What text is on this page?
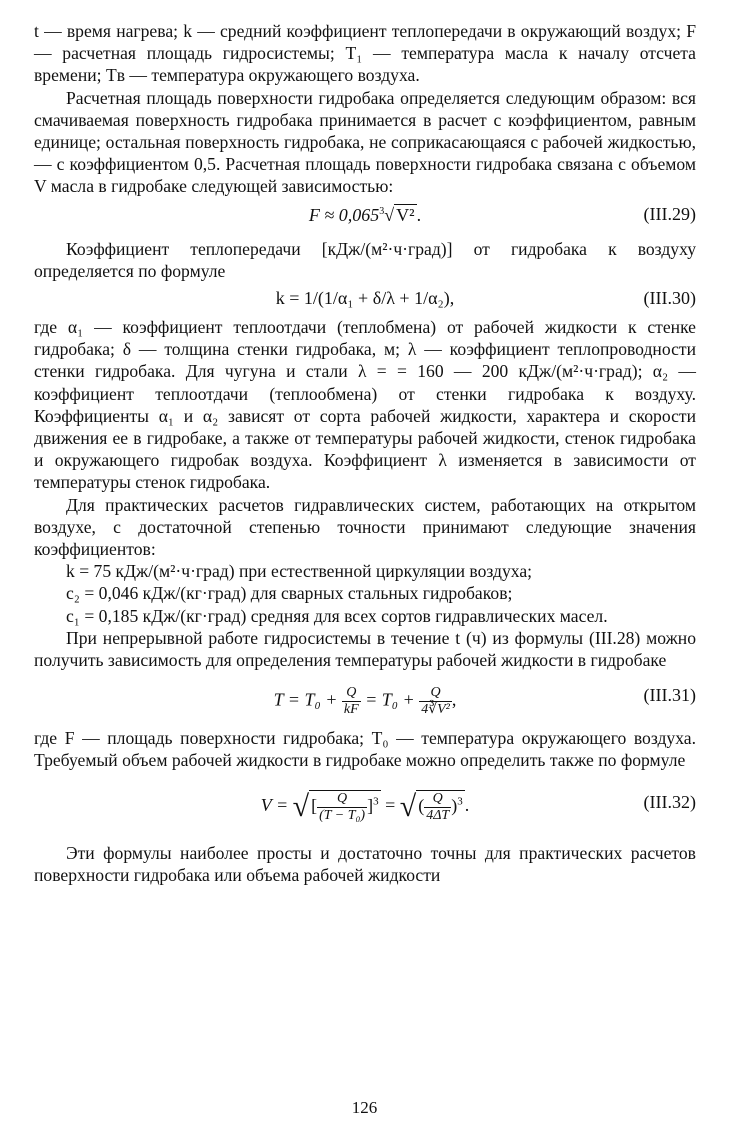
t — время нагрева; k — средний коэффициент теплопередачи в окружающий воздух; F — расчетная площадь гидросистемы; T₁ — температура масла к началу отсчета времени; Tв — температура окружающего воздуха.

Расчетная площадь поверхности гидробака определяется следующим образом: вся смачиваемая поверхность гидробака принимается в расчет с коэффициентом, равным единице; остальная поверхность гидробака, не соприкасающаяся с рабочей жидкостью, — с коэффициентом 0,5. Расчетная площадь поверхности гидробака связана с объемом V масла в гидробаке следующей зависимостью:

$F \approx 0,065^3√$ V² .	(III.29)

Коэффициент теплопередачи [кДж/(м²·ч·град)] от гидробака к воздуху определяется по формуле

k = 1/(1/α₁ + δ/λ + 1/α₂),	(III.30)

где α₁ — коэффициент теплоотдачи (теплобмена) от рабочей жидкости к стенке гидробака; δ — толщина стенки гидробака, м; λ — коэффициент теплопроводности стенки гидробака. Для чугуна и стали λ = = 160 — 200 кДж/(м²·ч·град); α₂ — коэффициент теплоотдачи (теплообмена) от стенки гидробака к воздуху. Коэффициенты α₁ и α₂ зависят от сорта рабочей жидкости, характера и скорости движения ее в гидробаке, а также от температуры рабочей жидкости, стенок гидробака и окружающего гидробак воздуха. Коэффициент λ изменяется в зависимости от температуры стенок гидробака.

Для практических расчетов гидравлических систем, работающих на открытом воздухе, с достаточной степенью точности принимают следующие значения коэффициентов:

k = 75 кДж/(м²·ч·град) при естественной циркуляции воздуха;

c₂ = 0,046 кДж/(кг·град) для сварных стальных гидробаков;

c₁ = 0,185 кДж/(кг·град) средняя для всех сортов гидравлических масел.

При непрерывной работе гидросистемы в течение t (ч) из формулы (III.28) можно получить зависимость для определения температуры рабочей жидкости в гидробаке

$T = T_0 + \frac{Q}{kF} = T_0 + \frac{Q}{\text{4∛V²}}$ ,	(III.31)

где F — площадь поверхности гидробака; T₀ — температура окружающего воздуха. Требуемый объем рабочей жидкости в гидробаке можно определить также по формуле

V = √ [ $\frac{Q}{\text{(T − T₀)}} ]^3$ = √ ( $\frac{Q}{4\Delta T} )^3$ .	(III.32)

Эти формулы наиболее просты и достаточно точны для практических расчетов поверхности гидробака или объема рабочей жидкости

126
